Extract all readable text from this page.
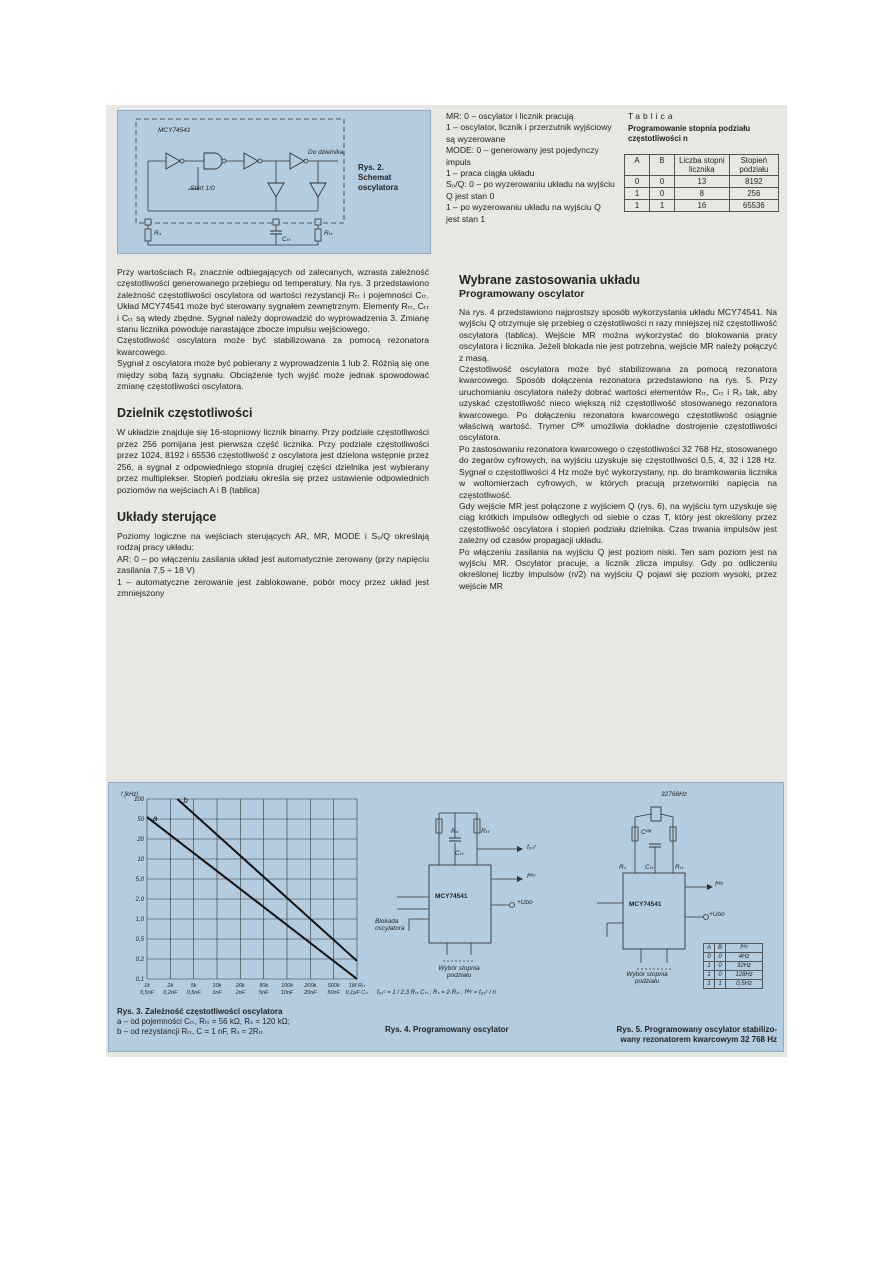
MCY74541
Start 1/0
Do dzielnika
Rₛ
Cₜₜ
Rₜₜ
Rys. 2.
Schemat
oscylatora

Przy wartościach Rₛ znacznie odbiegających od zalecanych, wzrasta zależność częstotliwości generowanego przebiegu od temperatury. Na rys. 3 przedstawiono zależność częstotliwości oscylatora od wartości rezystancji Rₜₜ i pojemności Cₜₜ. Układ MCY74541 może być sterowany sygnałem zewnętrznym. Elementy Rₜₜ, Cₜₜ i Cₜₜ są wtedy zbędne. Sygnał należy doprowadzić do wyprowadzenia 3. Zmianę stanu licznika powoduje narastające zbocze impulsu wejściowego.

Częstotliwość oscylatora może być stabilizowana za pomocą rezonatora kwarcowego.

Sygnał z oscylatora może być pobierany z wyprowadzenia 1 lub 2. Różnią się one między sobą fazą sygnału. Obciążenie tych wyjść może jednak spowodować zmianę częstotliwości oscylatora.

Dzielnik częstotliwości

W układzie znajduje się 16-stopniowy licznik binarny. Przy podziale częstotliwości przez 256 pomijana jest pierwsza część licznika. Przy podziale częstotliwości przez 1024, 8192 i 65536 częstotliwość z oscylatora jest dzielona wstępnie przez 256, a sygnał z odpowiedniego stopnia drugiej części dzielnika jest wybierany przez multiplekser. Stopień podziału określa się przez ustawienie odpowiednich poziomów na wejściach A i B (tablica)

Układy sterujące

Poziomy logiczne na wejściach sterujących AR, MR, MODE i S₀/Q określają rodzaj pracy układu:

AR: 0 – po włączeniu zasilania układ jest automatycznie zerowany (przy napięciu zasilania 7,5 ÷ 18 V)

1 – automatyczne zerowanie jest zablokowane, pobór mocy przez układ jest zmniejszony

MR: 0 – oscylator i licznik pracują

1 – oscylator, licznik i przerzutnik wyjściowy są wyzerowane

MODE: 0 – generowany jest pojedynczy impuls

1 – praca ciągła układu

S₀/Q: 0 – po wyzerowaniu układu na wyjściu Q jest stan 0

1 – po wyzerowaniu układu na wyjściu Q jest stan 1

Tablica
Programowanie stopnia podziału częstotliwości n
A	B	Liczba stopni licznika	Stopień podziału
0	0	13	8192
1	0	8	256
1	1	16	65536
Wybrane zastosowania układu
Programowany oscylator

Na rys. 4 przedstawiono najprostszy sposób wykorzystania układu MCY74541. Na wyjściu Q otrzymuje się przebieg o częstotliwości n razy mniejszej niż częstotliwość oscylatora (tablica). Wejście MR można wykorzystać do blokowania pracy oscylatora i licznika. Jeżeli blokada nie jest potrzebna, wejście MR należy połączyć z masą.

Częstotliwość oscylatora może być stabilizowana za pomocą rezonatora kwarcowego. Sposób dołączenia rezonatora przedstawiono na rys. 5. Przy uruchomianiu oscylatora należy dobrać wartości elementów Rₜₜ, Cₜₜ i Rₛ tak, aby uzyskać częstotliwość nieco większą niż częstotliwość stosowanego rezonatora kwarcowego. Po dołączeniu rezonatora kwarcowego częstotliwość osiągnie właściwą wartość. Trymer Cᴿᴷ umożliwia dokładne dostrojenie częstotliwości oscylatora.

Po zastosowaniu rezonatora kwarcowego o częstotliwości 32 768 Hz, stosowanego do zegarów cyfrowych, na wyjściu uzyskuje się częstotliwości 0,5, 4, 32 i 128 Hz. Sygnał o częstotliwości 4 Hz może być wykorzystany, np. do bramkowania licznika w woltomierzach cyfrowych, w których pracują przetworniki napięcia na częstotliwość.

Gdy wejście MR jest połączone z wyjściem Q (rys. 6), na wyjściu tym uzyskuje się ciąg krótkich impulsów odległych od siebie o czas T, który jest określony przez częstotliwość oscylatora i stopień podziału dzielnika. Czas trwania impulsów jest zależny od czasów propagacji układu.

Po włączeniu zasilania na wyjściu Q jest poziom niski. Ten sam poziom jest na wyjściu MR. Oscylator pracuje, a licznik zlicza impulsy. Gdy po odliczeniu określonej liczby impulsów (n/2) na wyjściu Q pojawi się poziom wysoki, przez wejście MR

100
50
20
10
5,0
2,0
1,0
0,5
0,2
0,1
1k
0,5nF
2k
0,2nF
5k
0,5nF
10k
1nF
20k
2nF
50k
5nF
100k
10nF
200k
20nF
500k
50nF
1M Rₜₜ
0,1µF Cₜₜ
f [kHz]
a
b
Rys. 3. Zależność częstotliwości oscylatora
a – od pojemności Cₜₜ, Rₜₜ = 56 kΩ, Rₛ = 120 kΩ;
b – od rezystancji Rₜₜ, C = 1 nF, Rₛ ≈ 2Rₜₜ
Rₛ
Cₜₜ
Rₜₜ
fₒₛᶜ
fᵂʸ
+Uᴅᴅ
MCY74541
Blokada oscylatora
Wybór stopnia podziału
fₒₛᶜ = 1 / 2,3 Rₜₜ Cₜₜ ; Rₛ = 2·Rₜₜ ; fᵂʸ = fₒₛᶜ / n
Rys. 4. Programowany oscylator
32768Hz
Cᴿᴷ
Rₛ	Cₜₜ	Rₜₜ
fᵂʸ
+Uᴅᴅ
MCY74541
Wybór stopnia podziału
A	B	fᵂʸ
0	0	4Hz
1	0	32Hz
1	0	128Hz
1	1	0,5Hz
Rys. 5. Programowany oscylator stabilizo-
wany rezonatorem kwarcowym 32 768 Hz
